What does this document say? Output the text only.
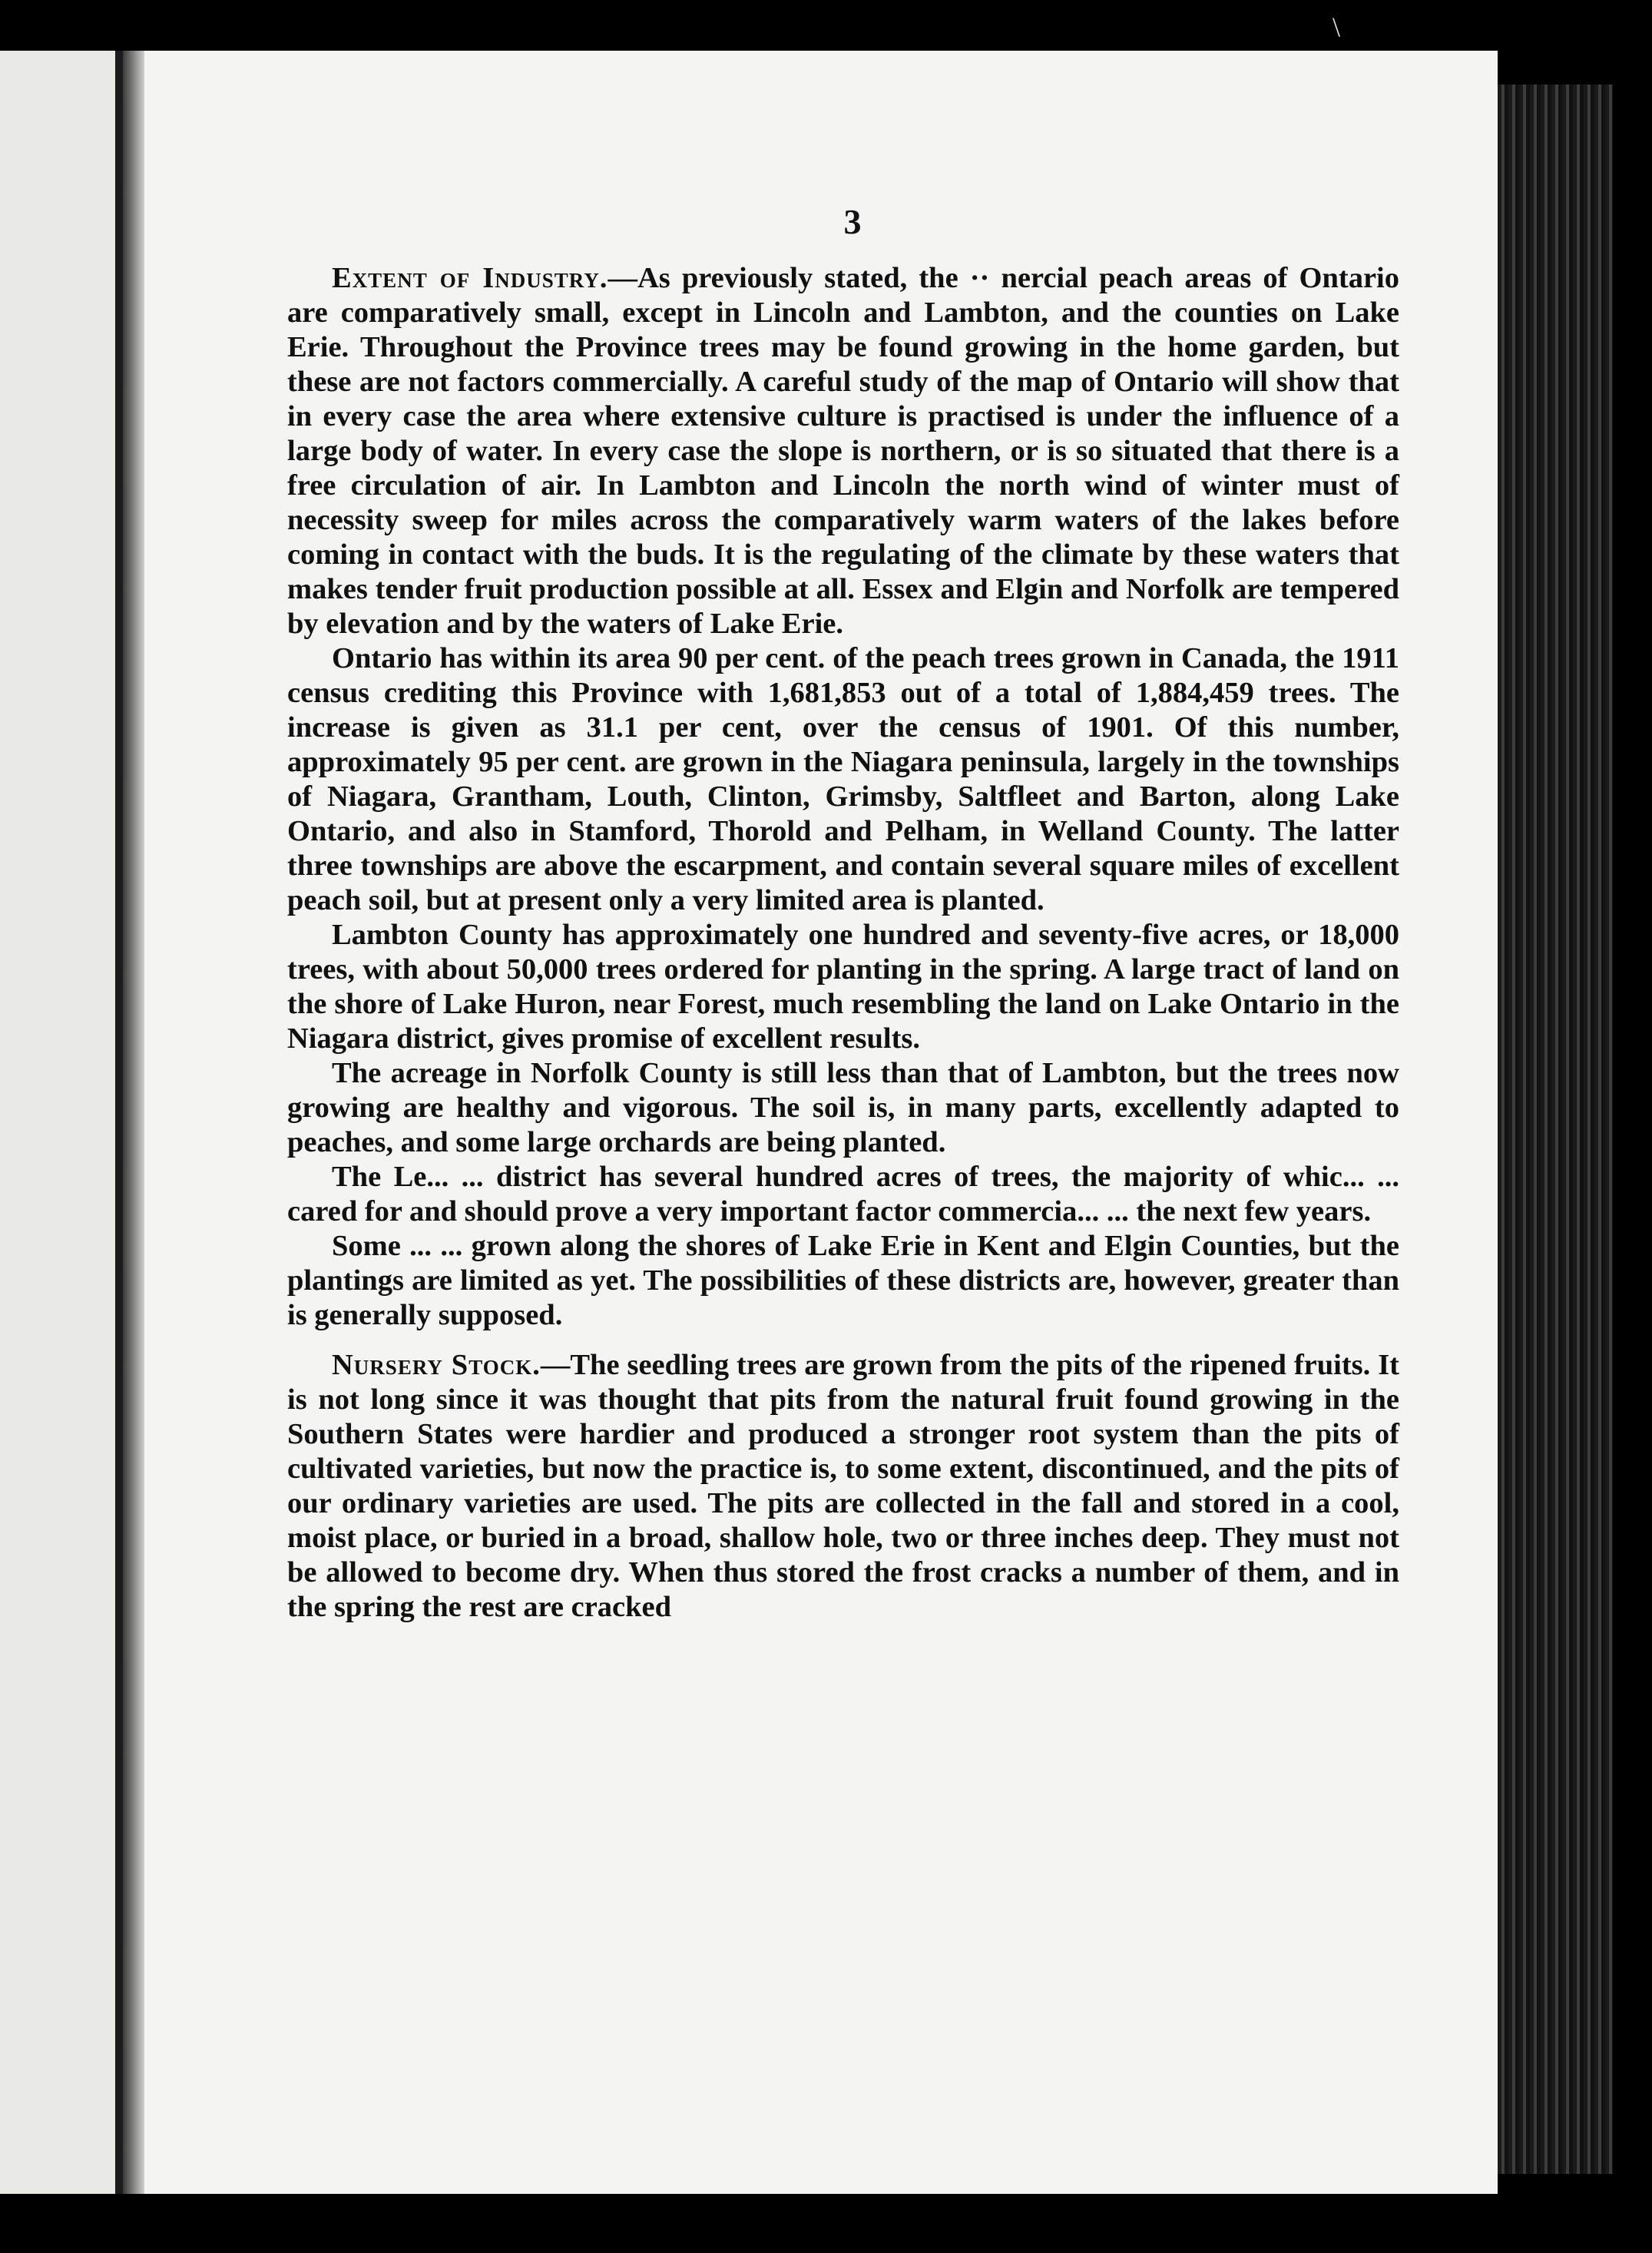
\
3

Extent of Industry.—As previously stated, the ·· nercial peach areas of Ontario are comparatively small, except in Lincoln and Lambton, and the counties on Lake Erie. Throughout the Province trees may be found growing in the home garden, but these are not factors commercially. A careful study of the map of Ontario will show that in every case the area where extensive culture is practised is under the influence of a large body of water. In every case the slope is northern, or is so situated that there is a free circulation of air. In Lambton and Lincoln the north wind of winter must of necessity sweep for miles across the comparatively warm waters of the lakes before coming in contact with the buds. It is the regulating of the climate by these waters that makes tender fruit production possible at all. Essex and Elgin and Norfolk are tempered by elevation and by the waters of Lake Erie.

Ontario has within its area 90 per cent. of the peach trees grown in Canada, the 1911 census crediting this Province with 1,681,853 out of a total of 1,884,459 trees. The increase is given as 31.1 per cent, over the census of 1901. Of this number, approximately 95 per cent. are grown in the Niagara peninsula, largely in the townships of Niagara, Grantham, Louth, Clinton, Grimsby, Saltfleet and Barton, along Lake Ontario, and also in Stamford, Thorold and Pelham, in Welland County. The latter three townships are above the escarpment, and contain several square miles of excellent peach soil, but at present only a very limited area is planted.

Lambton County has approximately one hundred and seventy-five acres, or 18,000 trees, with about 50,000 trees ordered for planting in the spring. A large tract of land on the shore of Lake Huron, near Forest, much resembling the land on Lake Ontario in the Niagara district, gives promise of excellent results.

The acreage in Norfolk County is still less than that of Lambton, but the trees now growing are healthy and vigorous. The soil is, in many parts, excellently adapted to peaches, and some large orchards are being planted.

The Le... ... district has several hundred acres of trees, the majority of whic... ... cared for and should prove a very important factor commercia... ... the next few years.

Some ... ... grown along the shores of Lake Erie in Kent and Elgin Counties, but the plantings are limited as yet. The possibilities of these districts are, however, greater than is generally supposed.

Nursery Stock.—The seedling trees are grown from the pits of the ripened fruits. It is not long since it was thought that pits from the natural fruit found growing in the Southern States were hardier and produced a stronger root system than the pits of cultivated varieties, but now the practice is, to some extent, discontinued, and the pits of our ordinary varieties are used. The pits are collected in the fall and stored in a cool, moist place, or buried in a broad, shallow hole, two or three inches deep. They must not be allowed to become dry. When thus stored the frost cracks a number of them, and in the spring the rest are cracked
